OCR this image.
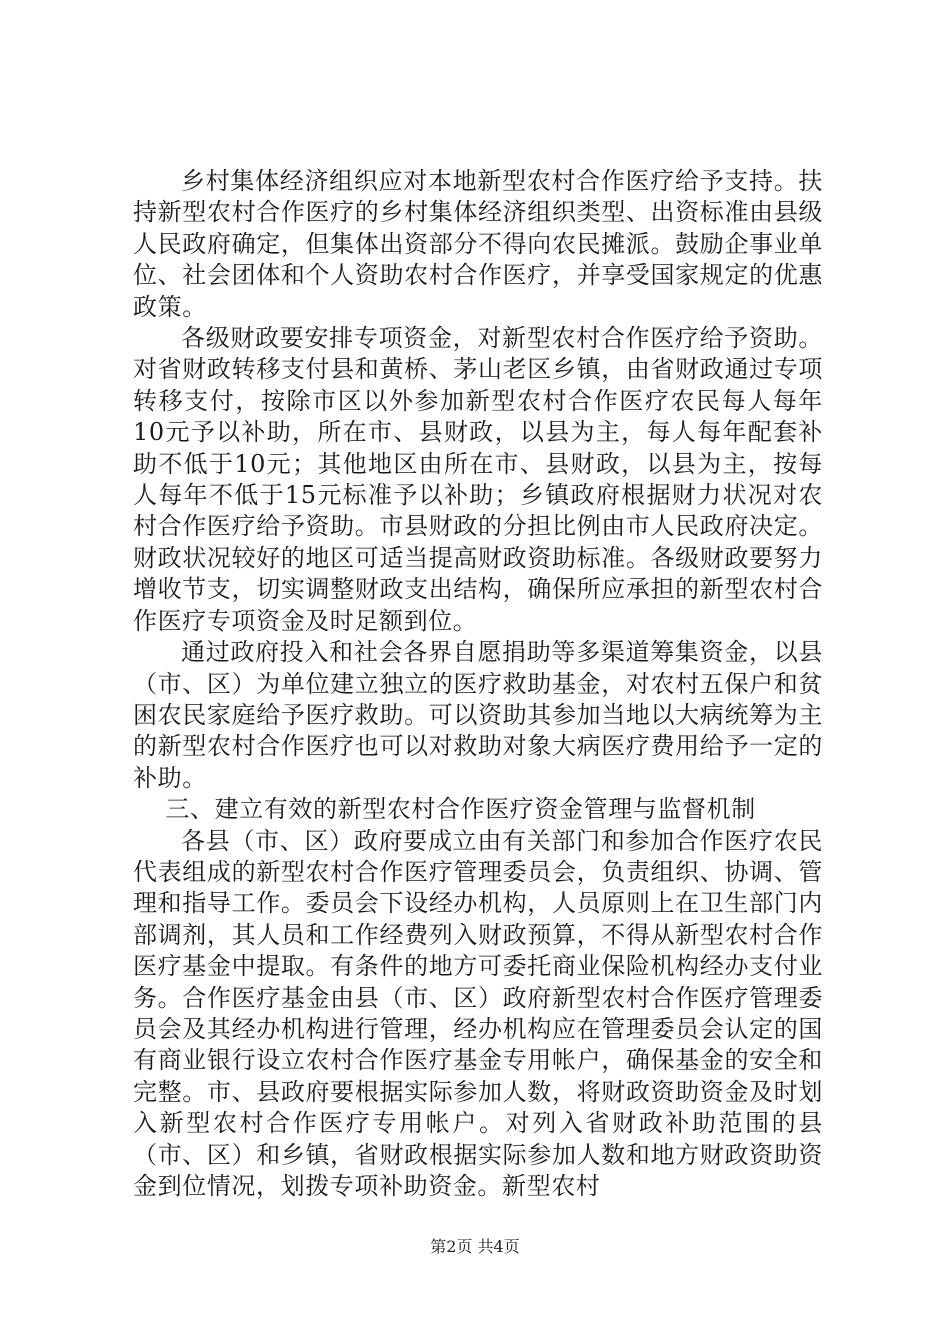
乡村集体经济组织应对本地新型农村合作医疗给予支持。扶持新型农村合作医疗的乡村集体经济组织类型、出资标准由县级人民政府确定，但集体出资部分不得向农民摊派。鼓励企事业单位、社会团体和个人资助农村合作医疗，并享受国家规定的优惠政策。

各级财政要安排专项资金，对新型农村合作医疗给予资助。对省财政转移支付县和黄桥、茅山老区乡镇，由省财政通过专项转移支付，按除市区以外参加新型农村合作医疗农民每人每年10元予以补助，所在市、县财政，以县为主，每人每年配套补助不低于10元；其他地区由所在市、县财政，以县为主，按每人每年不低于15元标准予以补助；乡镇政府根据财力状况对农村合作医疗给予资助。市县财政的分担比例由市人民政府决定。财政状况较好的地区可适当提高财政资助标准。各级财政要努力增收节支，切实调整财政支出结构，确保所应承担的新型农村合作医疗专项资金及时足额到位。

通过政府投入和社会各界自愿捐助等多渠道筹集资金，以县（市、区）为单位建立独立的医疗救助基金，对农村五保户和贫困农民家庭给予医疗救助。可以资助其参加当地以大病统筹为主的新型农村合作医疗也可以对救助对象大病医疗费用给予一定的补助。

三、建立有效的新型农村合作医疗资金管理与监督机制

各县（市、区）政府要成立由有关部门和参加合作医疗农民代表组成的新型农村合作医疗管理委员会，负责组织、协调、管理和指导工作。委员会下设经办机构，人员原则上在卫生部门内部调剂，其人员和工作经费列入财政预算，不得从新型农村合作医疗基金中提取。有条件的地方可委托商业保险机构经办支付业务。合作医疗基金由县（市、区）政府新型农村合作医疗管理委员会及其经办机构进行管理，经办机构应在管理委员会认定的国有商业银行设立农村合作医疗基金专用帐户，确保基金的安全和完整。市、县政府要根据实际参加人数，将财政资助资金及时划入新型农村合作医疗专用帐户。对列入省财政补助范围的县（市、区）和乡镇，省财政根据实际参加人数和地方财政资助资金到位情况，划拨专项补助资金。新型农村

第2页 共4页
